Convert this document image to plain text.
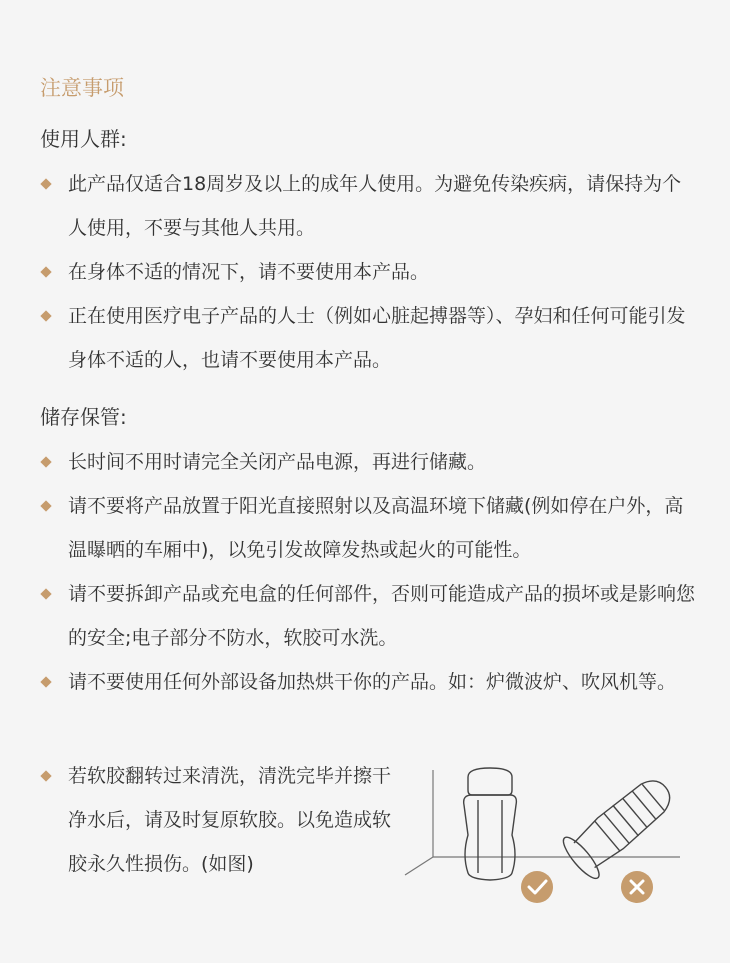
注意事项
使用人群:
此产品仅适合18周岁及以上的成年人使用。为避免传染疾病，请保持为个人使用，不要与其他人共用。
在身体不适的情况下，请不要使用本产品。
正在使用医疗电子产品的人士（例如心脏起搏器等）、孕妇和任何可能引发身体不适的人，也请不要使用本产品。
储存保管:
长时间不用时请完全关闭产品电源，再进行储藏。
请不要将产品放置于阳光直接照射以及高温环境下储藏(例如停在户外，高温曝晒的车厢中)，以免引发故障发热或起火的可能性。
请不要拆卸产品或充电盒的任何部件，否则可能造成产品的损坏或是影响您的安全;电子部分不防水，软胶可水洗。
请不要使用任何外部设备加热烘干你的产品。如：炉微波炉、吹风机等。
若软胶翻转过来清洗，清洗完毕并擦干净水后，请及时复原软胶。以免造成软胶永久性损伤。(如图)
